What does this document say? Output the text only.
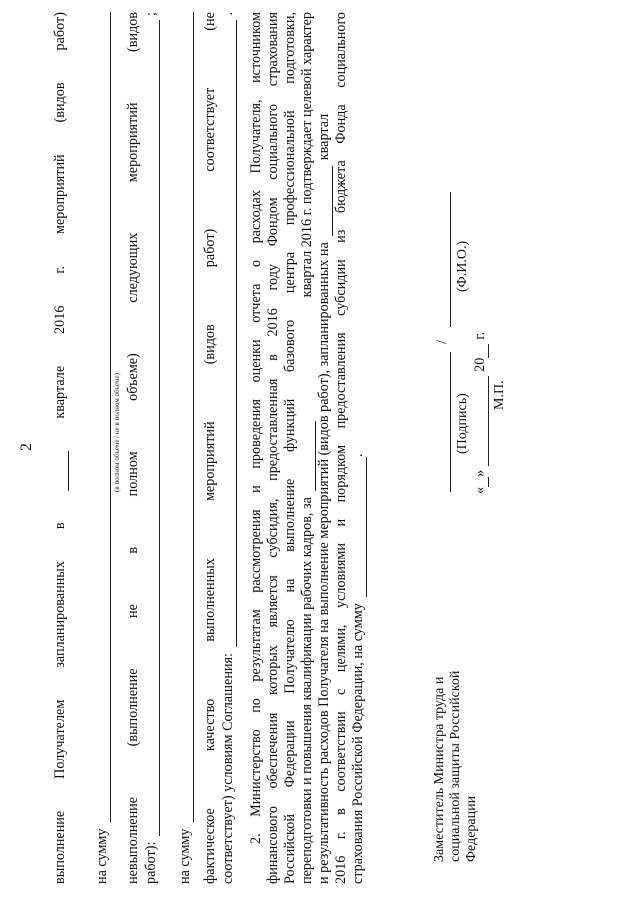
2
выполнение
Получателем
запланированных
в
квартале
2016
г.
мероприятий
(видов
работ)
на сумму
(в полном объеме / не в полном объеме)
невыполнение
(выполнение
не
в
полном
объеме)
следующих
мероприятий
(видов
работ):
;
на сумму фактическое
качество
выполненных
мероприятий
(видов
работ)
соответствует
(не
соответствует) условиям Соглашения:
. 2. Министерство по результатам рассмотрения и проведения оценки отчета о расходах Получателя, источником финансового обеспечения которых является субсидия, предоставленная в 2016 году Фондом социального страхования Российской Федерации Получателю на выполнение функций базового центра профессиональной подготовки, переподготовки и повышения квалификации рабочих кадров, за
квартал 2016 г. подтверждает целевой характер
и результативность расходов Получателя на выполнение мероприятий (видов работ), запланированных на
квартал 2016 г. в соответствии с целями, условиями и порядком предоставления субсидии из бюджета Фонда социального страхования Российской Федерации, на сумму
.
Заместитель Министра труда и социальной защиты Российской Федерации
/
(Подпись)
(Ф.И.О.)
«
»
20
г.
М.П.
